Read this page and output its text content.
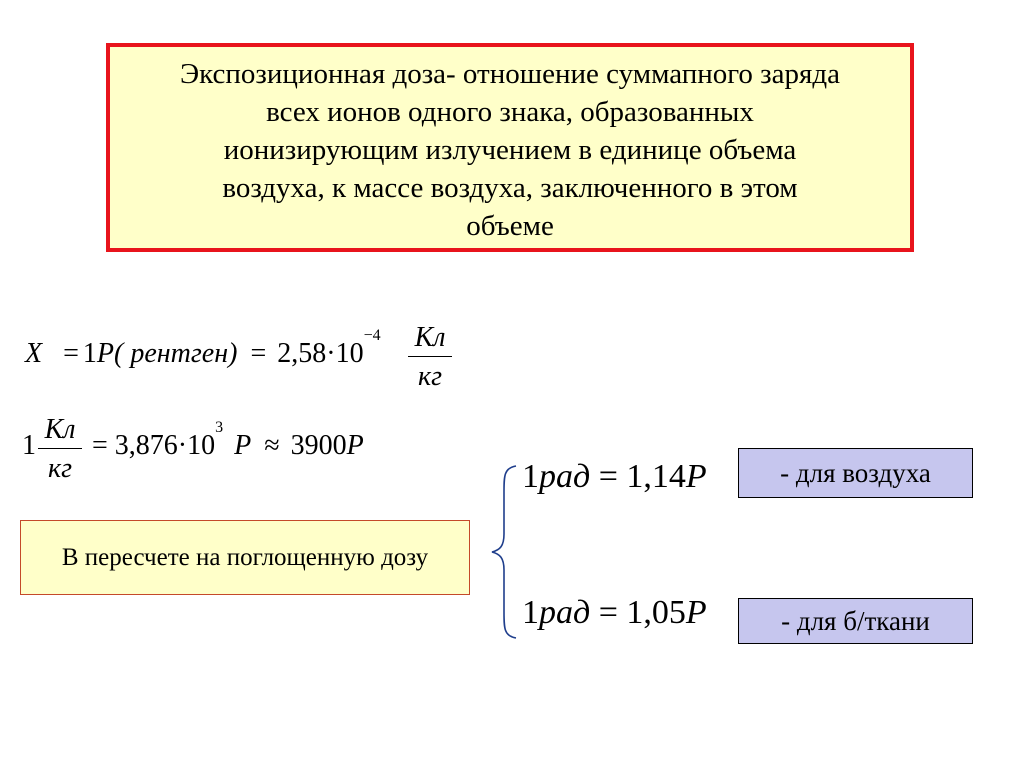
Экспозиционная доза- отношение суммапного заряда
всех ионов одного знака, образованных
ионизирующим излучением в единице объема
воздуха, к массе воздуха, заключенного в этом
объеме
X = 1P( рентген) = $2,58\cdot 10^{-4}$ Кл
кг
1
Кл
кг
= $3,876\cdot 10^3$ P ≈ 3900P
В пересчете на поглощенную дозу
1рад = 1,14P	- для воздуха
1рад = 1,05P	- для б/ткани
